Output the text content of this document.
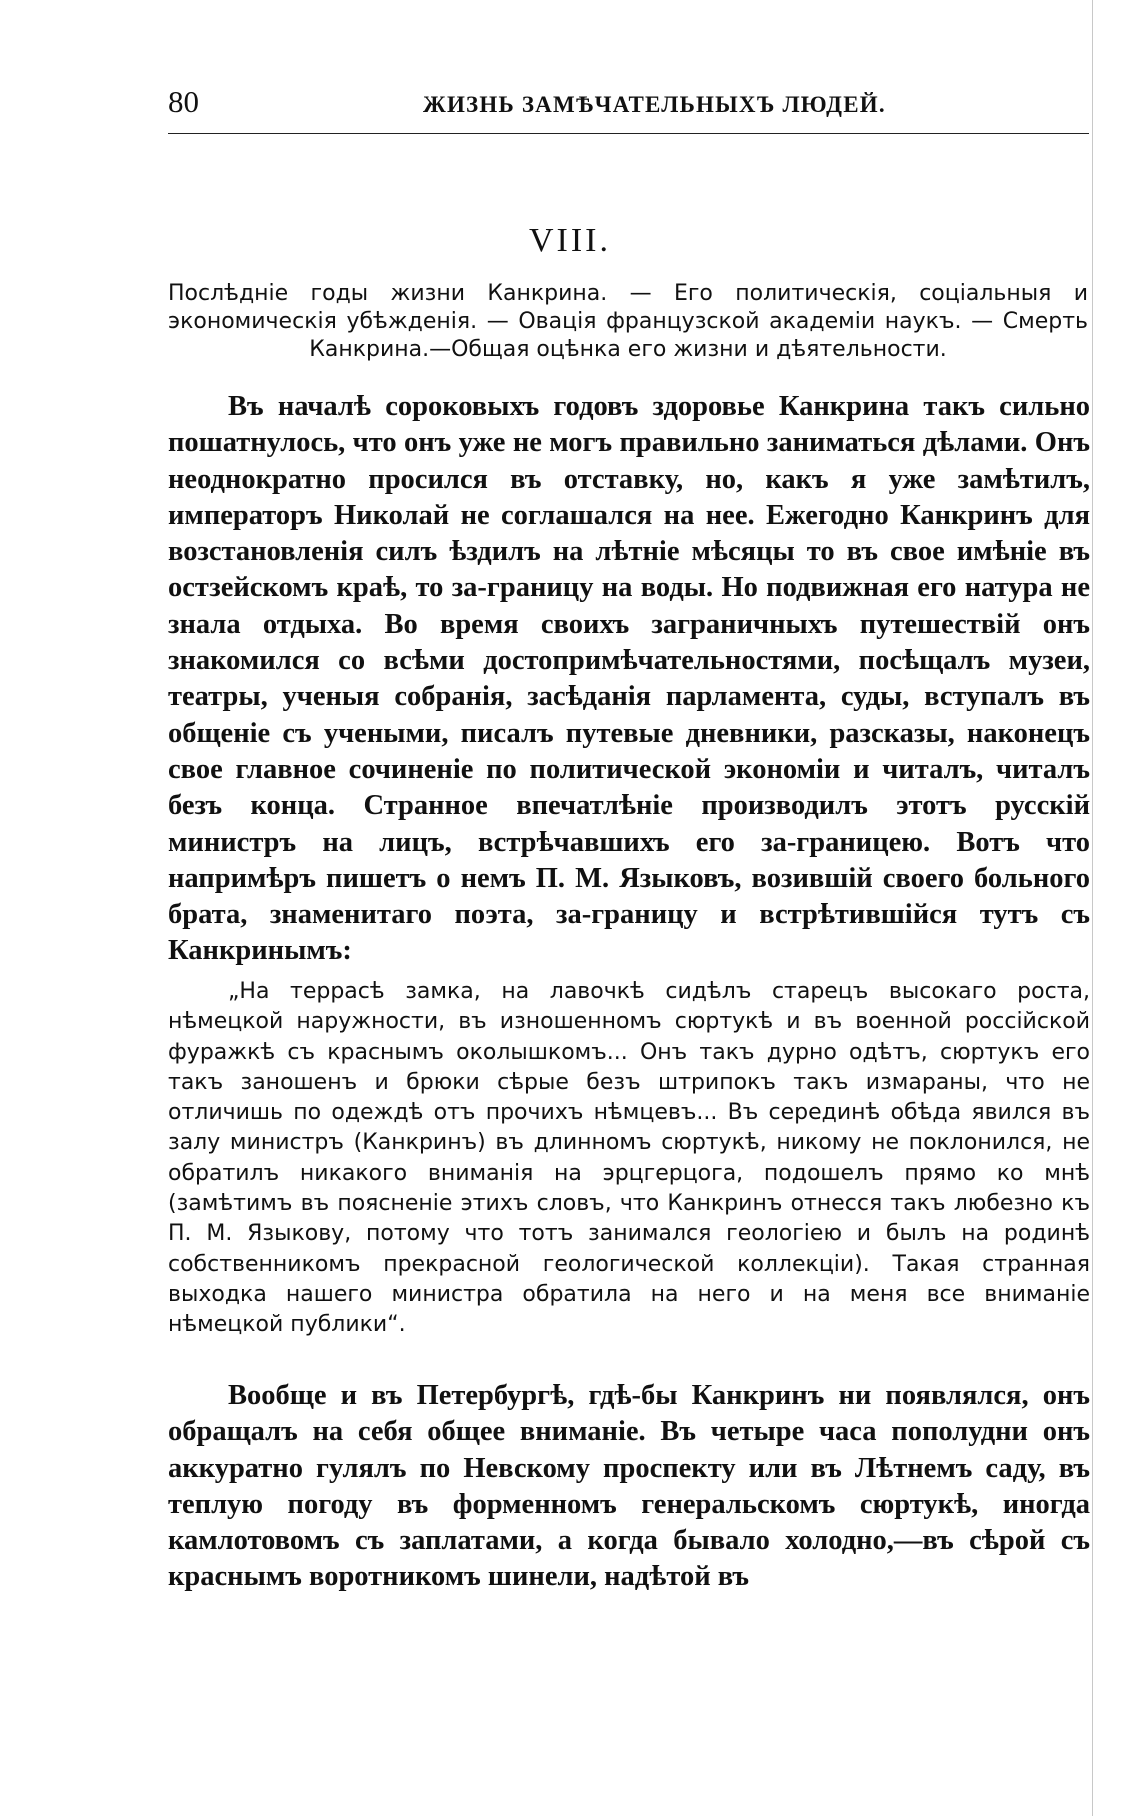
80	ЖИЗНЬ ЗАМѢЧАТЕЛЬНЫХЪ ЛЮДЕЙ.
VIII.
Послѣдніе годы жизни Канкрина. — Его политическія, соціальныя и экономическія убѣжденія. — Овація французской академіи наукъ. — Смерть Канкрина.—Общая оцѣнка его жизни и дѣятельности.

Въ началѣ сороковыхъ годовъ здоровье Канкрина такъ сильно пошатнулось, что онъ уже не могъ правильно заниматься дѣлами. Онъ неоднократно просился въ отставку, но, какъ я уже замѣтилъ, императоръ Николай не соглашался на нее. Ежегодно Канкринъ для возстановленія силъ ѣздилъ на лѣтніе мѣсяцы то въ свое имѣніе въ остзейскомъ краѣ, то за-границу на воды. Но подвижная его натура не знала отдыха. Во время своихъ заграничныхъ путешествій онъ знакомился со всѣми достопримѣчательностями, посѣщалъ музеи, театры, ученыя собранія, засѣданія парламента, суды, вступалъ въ общеніе съ учеными, писалъ путевые дневники, разсказы, наконецъ свое главное сочиненіе по политической экономіи и читалъ, читалъ безъ конца. Странное впечатлѣніе производилъ этотъ русскій министръ на лицъ, встрѣчавшихъ его за-границею. Вотъ что напримѣръ пишетъ о немъ П. М. Языковъ, возившій своего больного брата, знаменитаго поэта, за-границу и встрѣтившійся тутъ съ Канкринымъ:

„На террасѣ замка, на лавочкѣ сидѣлъ старецъ высокаго роста, нѣмецкой наружности, въ изношенномъ сюртукѣ и въ военной россійской фуражкѣ съ краснымъ околышкомъ... Онъ такъ дурно одѣтъ, сюртукъ его такъ заношенъ и брюки сѣрые безъ штрипокъ такъ измараны, что не отличишь по одеждѣ отъ прочихъ нѣмцевъ... Въ серединѣ обѣда явился въ залу министръ (Канкринъ) въ длинномъ сюртукѣ, никому не поклонился, не обратилъ никакого вниманія на эрцгерцога, подошелъ прямо ко мнѣ (замѣтимъ въ поясненіе этихъ словъ, что Канкринъ отнесся такъ любезно къ П. М. Языкову, потому что тотъ занимался геологіею и былъ на родинѣ собственникомъ прекрасной геологической коллекціи). Такая странная выходка нашего министра обратила на него и на меня все вниманіе нѣмецкой публики“.

Вообще и въ Петербургѣ, гдѣ-бы Канкринъ ни появлялся, онъ обращалъ на себя общее вниманіе. Въ четыре часа пополудни онъ аккуратно гулялъ по Невскому проспекту или въ Лѣтнемъ саду, въ теплую погоду въ форменномъ генеральскомъ сюртукѣ, иногда камлотовомъ съ заплатами, а когда бывало холодно,—въ сѣрой съ краснымъ воротникомъ шинели, надѣтой въ
